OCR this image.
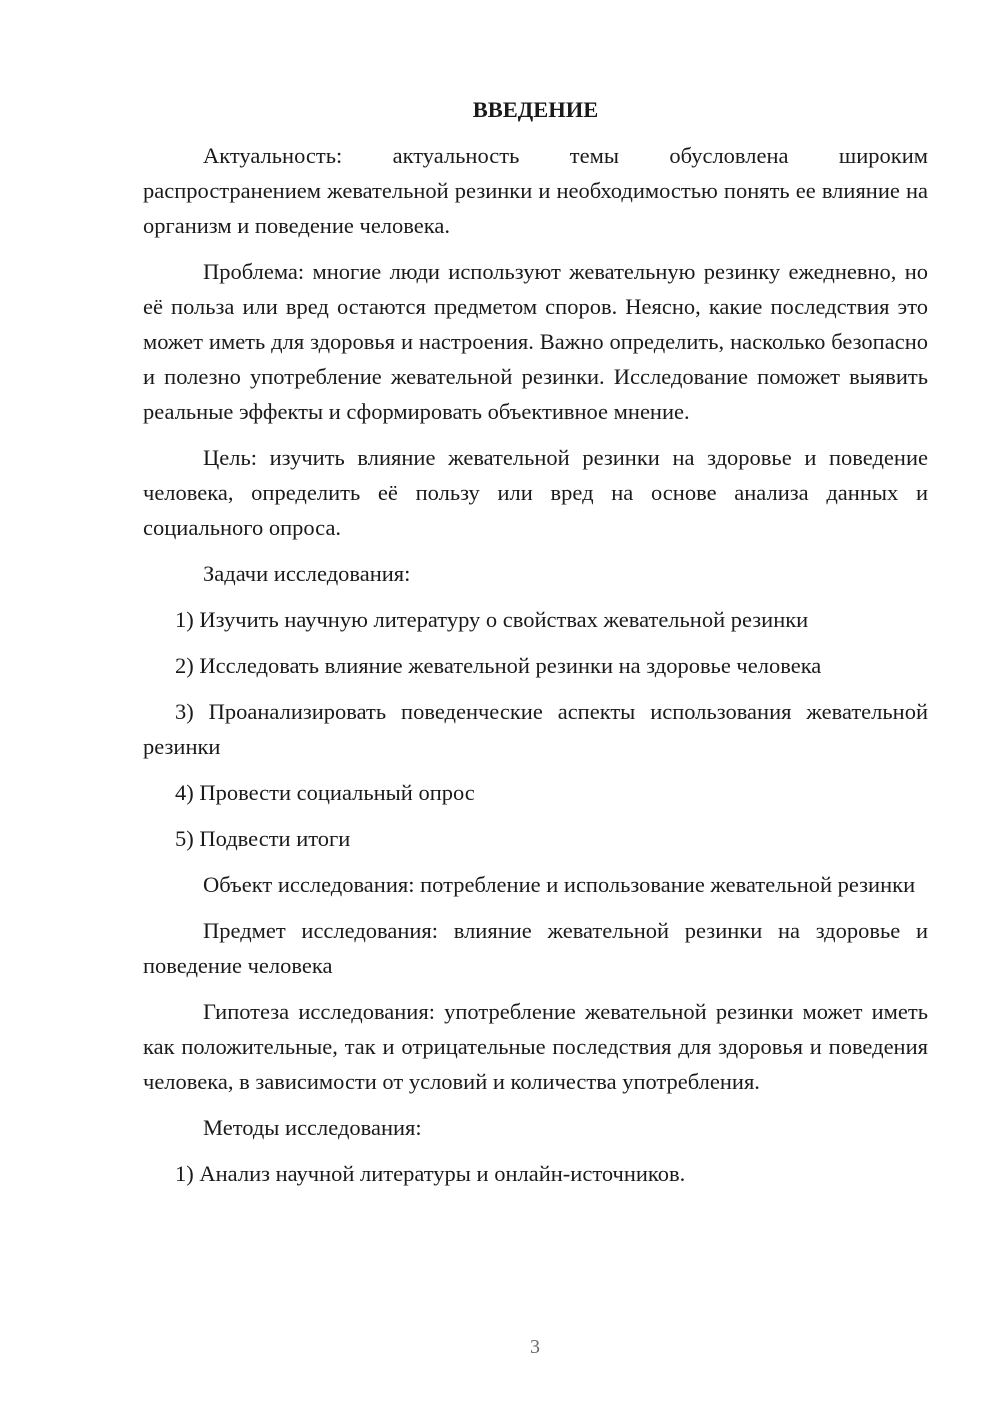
ВВЕДЕНИЕ

Актуальность: актуальность темы обусловлена широким распространением жевательной резинки и необходимостью понять ее влияние на организм и поведение человека.

Проблема: многие люди используют жевательную резинку ежедневно, но её польза или вред остаются предметом споров. Неясно, какие последствия это может иметь для здоровья и настроения. Важно определить, насколько безопасно и полезно употребление жевательной резинки. Исследование поможет выявить реальные эффекты и сформировать объективное мнение.

Цель: изучить влияние жевательной резинки на здоровье и поведение человека, определить её пользу или вред на основе анализа данных и социального опроса.

Задачи исследования:

1) Изучить научную литературу о свойствах жевательной резинки

2) Исследовать влияние жевательной резинки на здоровье человека

3) Проанализировать поведенческие аспекты использования жевательной резинки

4) Провести социальный опрос

5) Подвести итоги

Объект исследования: потребление и использование жевательной резинки

Предмет исследования: влияние жевательной резинки на здоровье и поведение человека

Гипотеза исследования: употребление жевательной резинки может иметь как положительные, так и отрицательные последствия для здоровья и поведения человека, в зависимости от условий и количества употребления.

Методы исследования:

1) Анализ научной литературы и онлайн-источников.

3
